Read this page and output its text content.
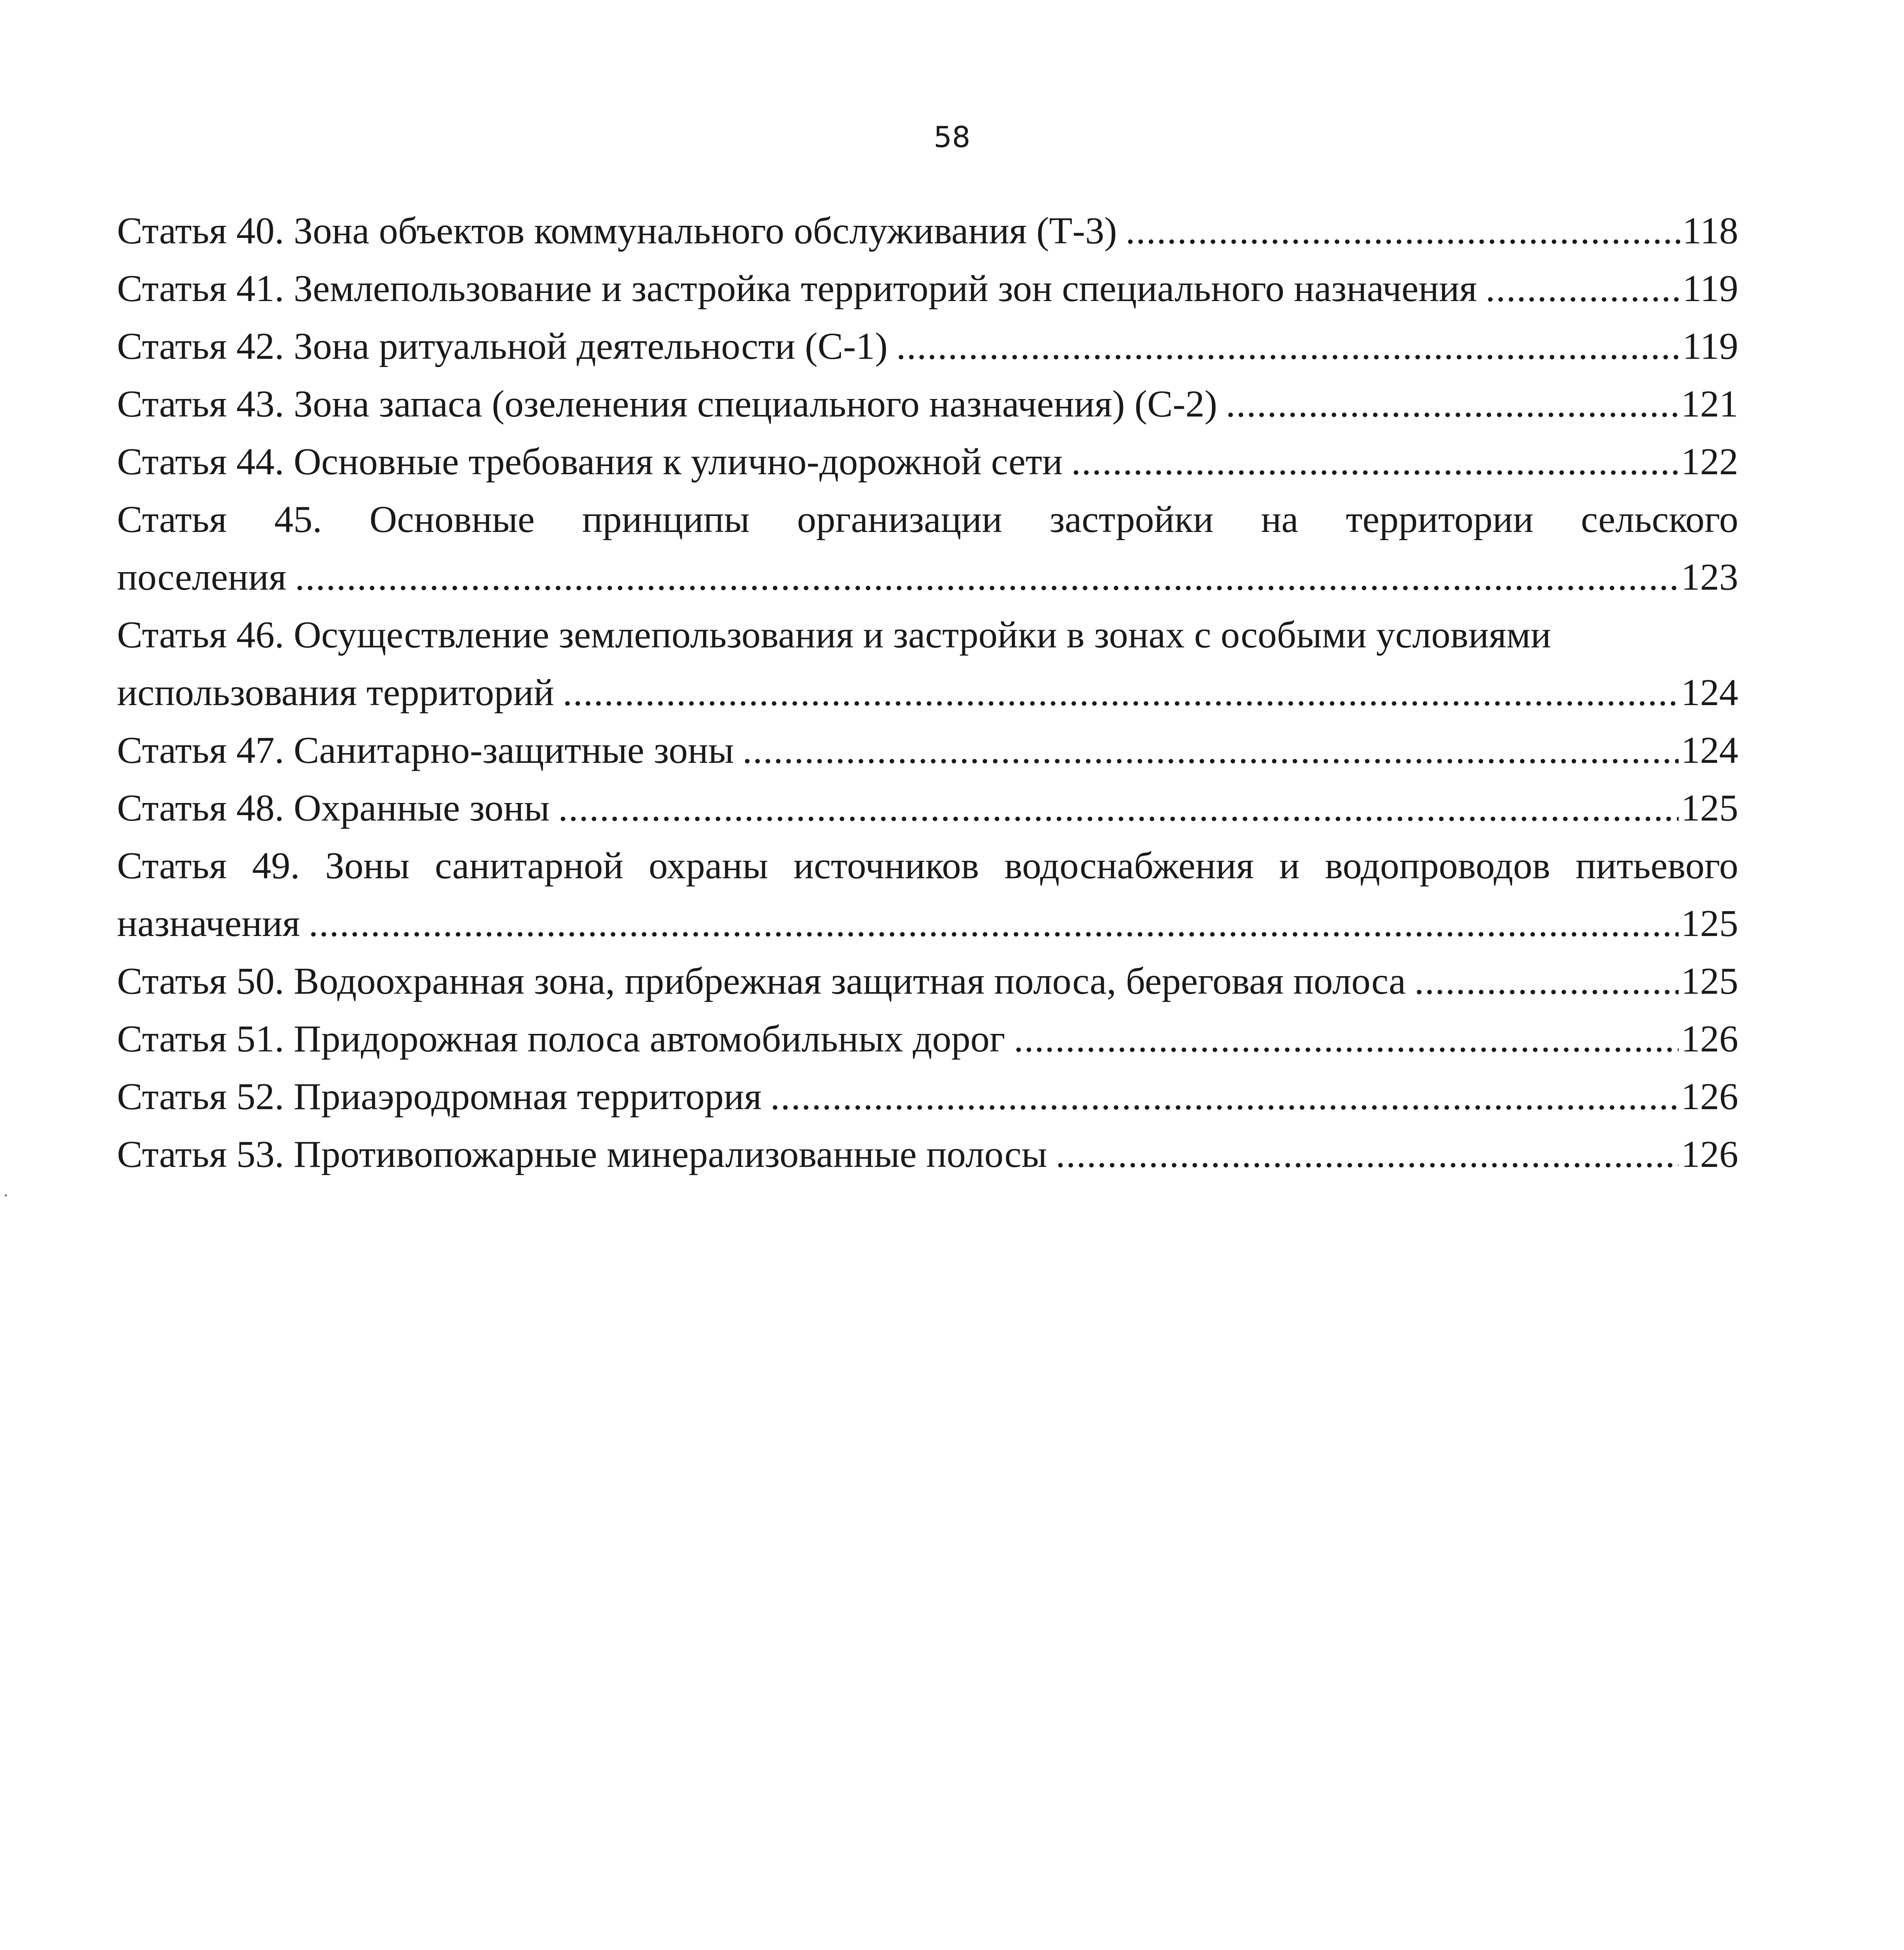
58
Статья 40. Зона объектов коммунального обслуживания (Т-3) .....	118
Статья 41. Землепользование и застройка территорий зон специального назначения .....	119
Статья 42. Зона ритуальной деятельности (С-1) .....	119
Статья 43. Зона запаса (озеленения специального назначения) (С-2) .....	121
Статья 44. Основные требования к улично-дорожной сети .....	122
Статья 45. Основные принципы организации застройки на территории сельского
поселения .....	123
Статья 46. Осуществление землепользования и застройки в зонах с особыми условиями
использования территорий .....	124
Статья 47. Санитарно-защитные зоны .....	124
Статья 48. Охранные зоны .....	125
Статья 49. Зоны санитарной охраны источников водоснабжения и водопроводов питьевого
назначения .....	125
Статья 50. Водоохранная зона, прибрежная защитная полоса, береговая полоса .....	125
Статья 51. Придорожная полоса автомобильных дорог .....	126
Статья 52. Приаэродромная территория .....	126
Статья 53. Противопожарные минерализованные полосы .....	126
